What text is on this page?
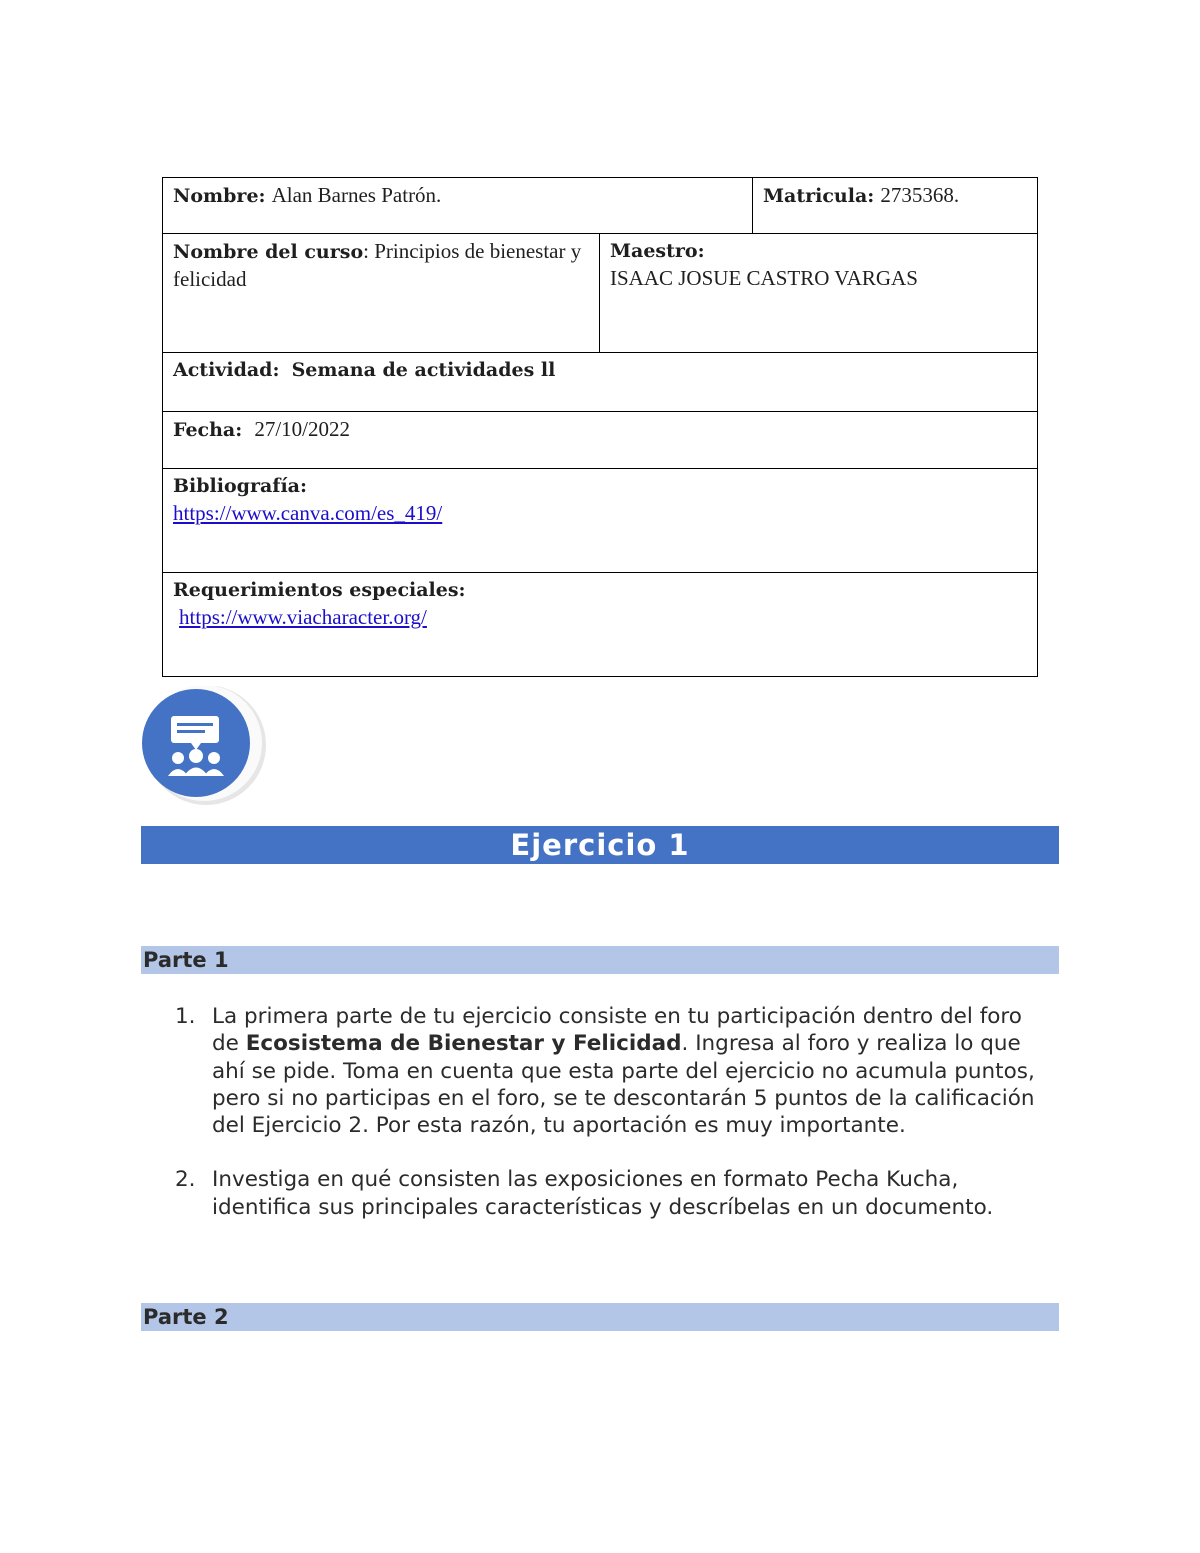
Nombre: Alan Barnes Patrón.	Matricula: 2735368.
Nombre del curso: Principios de bienestar y felicidad
Maestro:
ISAAC JOSUE CASTRO VARGAS
Actividad: Semana de actividades ll
Fecha: 27/10/2022
Bibliografía:
https://www.canva.com/es_419/
Requerimientos especiales:
https://www.viacharacter.org/
Ejercicio 1
Parte 1
1. La primera parte de tu ejercicio consiste en tu participación dentro del foro de Ecosistema de Bienestar y Felicidad. Ingresa al foro y realiza lo que ahí se pide. Toma en cuenta que esta parte del ejercicio no acumula puntos, pero si no participas en el foro, se te descontarán 5 puntos de la calificación del Ejercicio 2. Por esta razón, tu aportación es muy importante.
2. Investiga en qué consisten las exposiciones en formato Pecha Kucha, identifica sus principales características y descríbelas en un documento.
Parte 2
